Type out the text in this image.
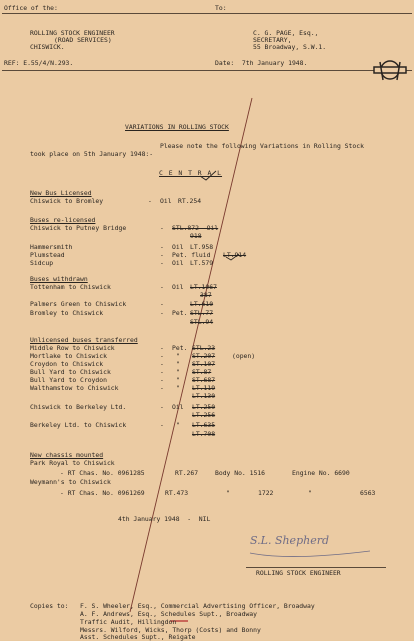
Office of the:	To:
ROLLING STOCK ENGINEER
(ROAD SERVICES)
CHISWICK.
C. G. PAGE, Esq.,
SECRETARY,
55 Broadway, S.W.1.
REF: E.55/4/N.293.	Date:  7th January 1948.
VARIATIONS IN ROLLING STOCK
Please note the following Variations in Rolling Stock
took place on 5th January 1948:-
C E N T R A L
New Bus Licensed
Chiswick to Bromley	- Oil RT.254
Buses re-licensed
Chiswick to Putney Bridge	- STL.872  Oil
918
Hammersmith	- Oil LT.958
Plumstead	- Pet. fluid LT.914
Sidcup	- Oil LT.579
Buses withdrawn
Tottenham to Chiswick	- Oil LT.1067
387
Palmers Green to Chiswick	-	LT.610
Bromley to Chiswick	- Pet. STL.77
STL.94
Unlicensed buses transferred
Middle Row to Chiswick	- Pet. STL.23
Mortlake to Chiswick	- " ST.207	(open)
Croydon to Chiswick	- " ST.107
Bull Yard to Chiswick	- " ST.87
Bull Yard to Croydon	- " ST.687
Walthamstow to Chiswick	- " LT.119
LT.130
Chiswick to Berkeley Ltd.	- Oil LT.250
LT.256
Berkeley Ltd. to Chiswick	- " LT.635
LT.708
New chassis mounted
Park Royal to Chiswick
- RT Chas. No. 0961285	RT.267	Body No. 1516	Engine No. 6690
Weymann's to Chiswick
- RT Chas. No. 0961269	RT.473	"	1722	"	6563
4th January 1948  -  NIL
S.L. Shepherd
ROLLING STOCK ENGINEER
Copies to: F. S. Wheeler, Esq., Commercial Advertising Officer, Broadway
A. F. Andrews, Esq., Schedules Supt., Broadway
Traffic Audit, Hillingdon
Messrs. Wilford, Wicks, Thorp (Costs) and Bonny
Asst. Schedules Supt., Reigate
